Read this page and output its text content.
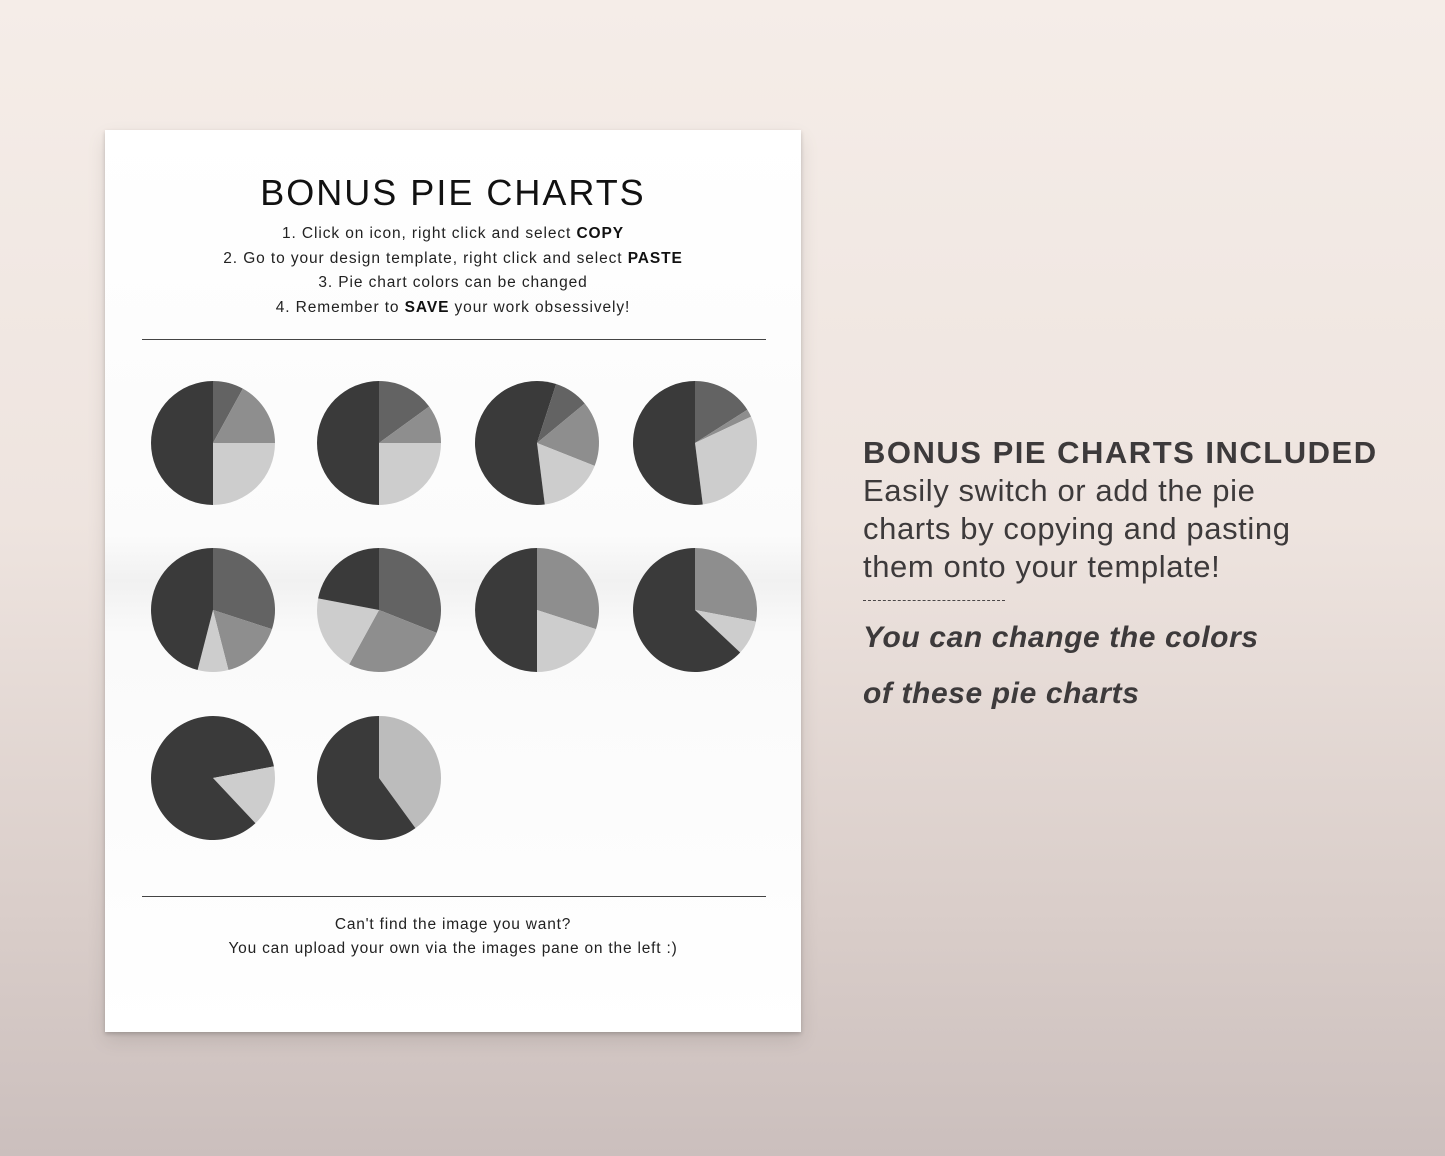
BONUS PIE CHARTS
1. Click on icon, right click and select COPY
2. Go to your design template, right click and select PASTE
3. Pie chart colors can be changed
4. Remember to SAVE your work obsessively!
Can't find the image you want?
You can upload your own via the images pane on the left :)
BONUS PIE CHARTS INCLUDED
Easily switch or add the pie
charts by copying and pasting
them onto your template!
You can change the colors
of these pie charts
